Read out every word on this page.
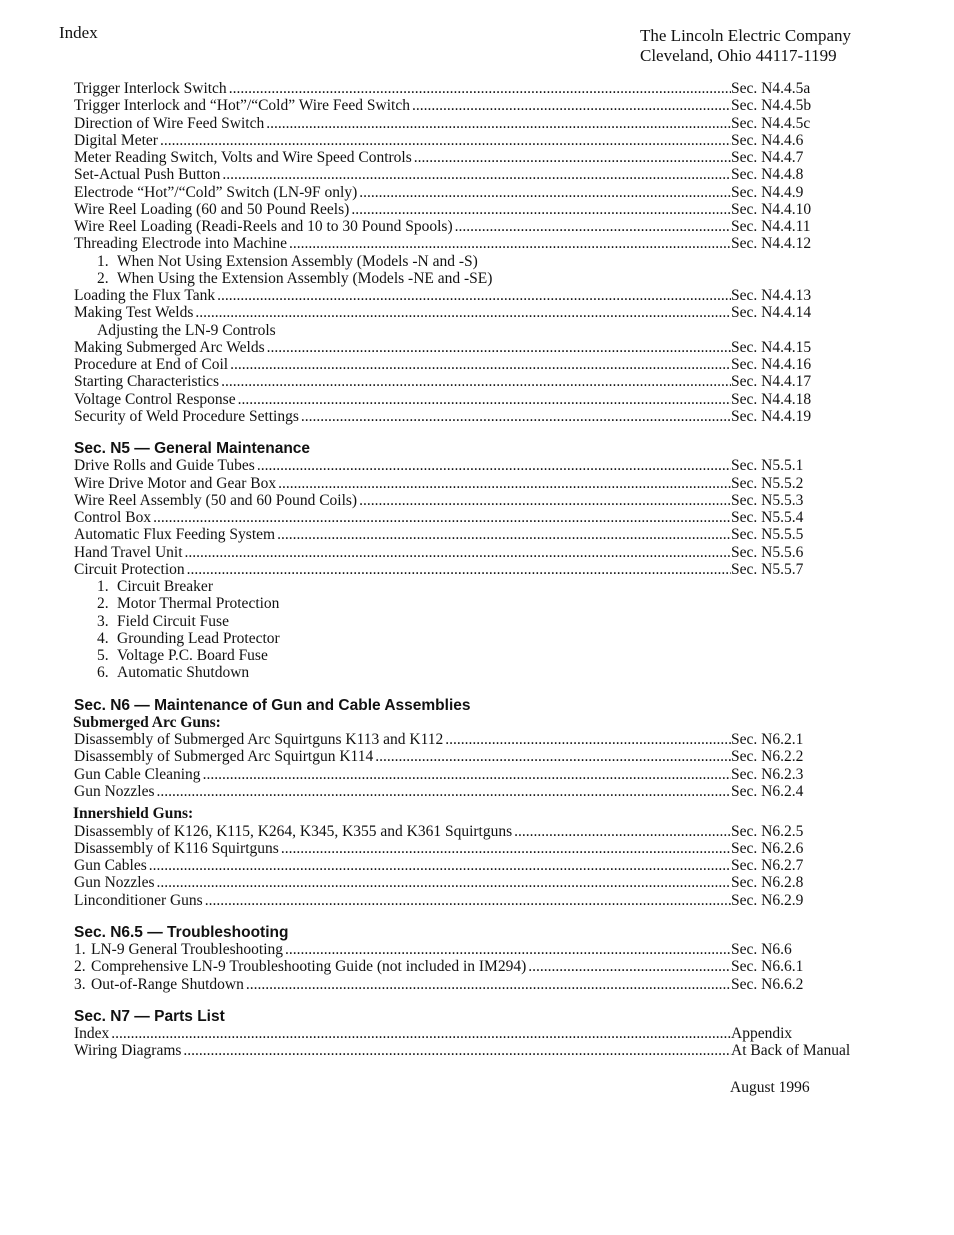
Index	The Lincoln Electric Company
Cleveland, Ohio 44117-1199
Trigger Interlock Switch .....	Sec. N4.4.5a
Trigger Interlock and “Hot”/“Cold” Wire Feed Switch .....	Sec. N4.4.5b
Direction of Wire Feed Switch .....	Sec. N4.4.5c
Digital Meter .....	Sec. N4.4.6
Meter Reading Switch, Volts and Wire Speed Controls .....	Sec. N4.4.7
Set-Actual Push Button .....	Sec. N4.4.8
Electrode “Hot”/“Cold” Switch (LN-9F only) .....	Sec. N4.4.9
Wire Reel Loading (60 and 50 Pound Reels) .....	Sec. N4.4.10
Wire Reel Loading (Readi-Reels and 10 to 30 Pound Spools) .....	Sec. N4.4.11
Threading Electrode into Machine .....	Sec. N4.4.12
1. When Not Using Extension Assembly (Models -N and -S)
2. When Using the Extension Assembly (Models -NE and -SE)
Loading the Flux Tank .....	Sec. N4.4.13
Making Test Welds .....	Sec. N4.4.14
Adjusting the LN-9 Controls
Making Submerged Arc Welds .....	Sec. N4.4.15
Procedure at End of Coil .....	Sec. N4.4.16
Starting Characteristics .....	Sec. N4.4.17
Voltage Control Response .....	Sec. N4.4.18
Security of Weld Procedure Settings .....	Sec. N4.4.19
Sec. N5 — General Maintenance
Drive Rolls and Guide Tubes .....	Sec. N5.5.1
Wire Drive Motor and Gear Box .....	Sec. N5.5.2
Wire Reel Assembly (50 and 60 Pound Coils) .....	Sec. N5.5.3
Control Box .....	Sec. N5.5.4
Automatic Flux Feeding System .....	Sec. N5.5.5
Hand Travel Unit .....	Sec. N5.5.6
Circuit Protection .....	Sec. N5.5.7
1. Circuit Breaker
2. Motor Thermal Protection
3. Field Circuit Fuse
4. Grounding Lead Protector
5. Voltage P.C. Board Fuse
6. Automatic Shutdown
Sec. N6 — Maintenance of Gun and Cable Assemblies
Submerged Arc Guns:
Disassembly of Submerged Arc Squirtguns K113 and K112 .....	Sec. N6.2.1
Disassembly of Submerged Arc Squirtgun K114 .....	Sec. N6.2.2
Gun Cable Cleaning .....	Sec. N6.2.3
Gun Nozzles .....	Sec. N6.2.4
Innershield Guns:
Disassembly of K126, K115, K264, K345, K355 and K361 Squirtguns .....	Sec. N6.2.5
Disassembly of K116 Squirtguns .....	Sec. N6.2.6
Gun Cables .....	Sec. N6.2.7
Gun Nozzles .....	Sec. N6.2.8
Linconditioner Guns .....	Sec. N6.2.9
Sec. N6.5 — Troubleshooting
1. LN-9 General Troubleshooting .....	Sec. N6.6
2. Comprehensive LN-9 Troubleshooting Guide (not included in IM294) .....	Sec. N6.6.1
3. Out-of-Range Shutdown .....	Sec. N6.6.2
Sec. N7 — Parts List
Index .....	Appendix
Wiring Diagrams .....	At Back of Manual
August 1996
